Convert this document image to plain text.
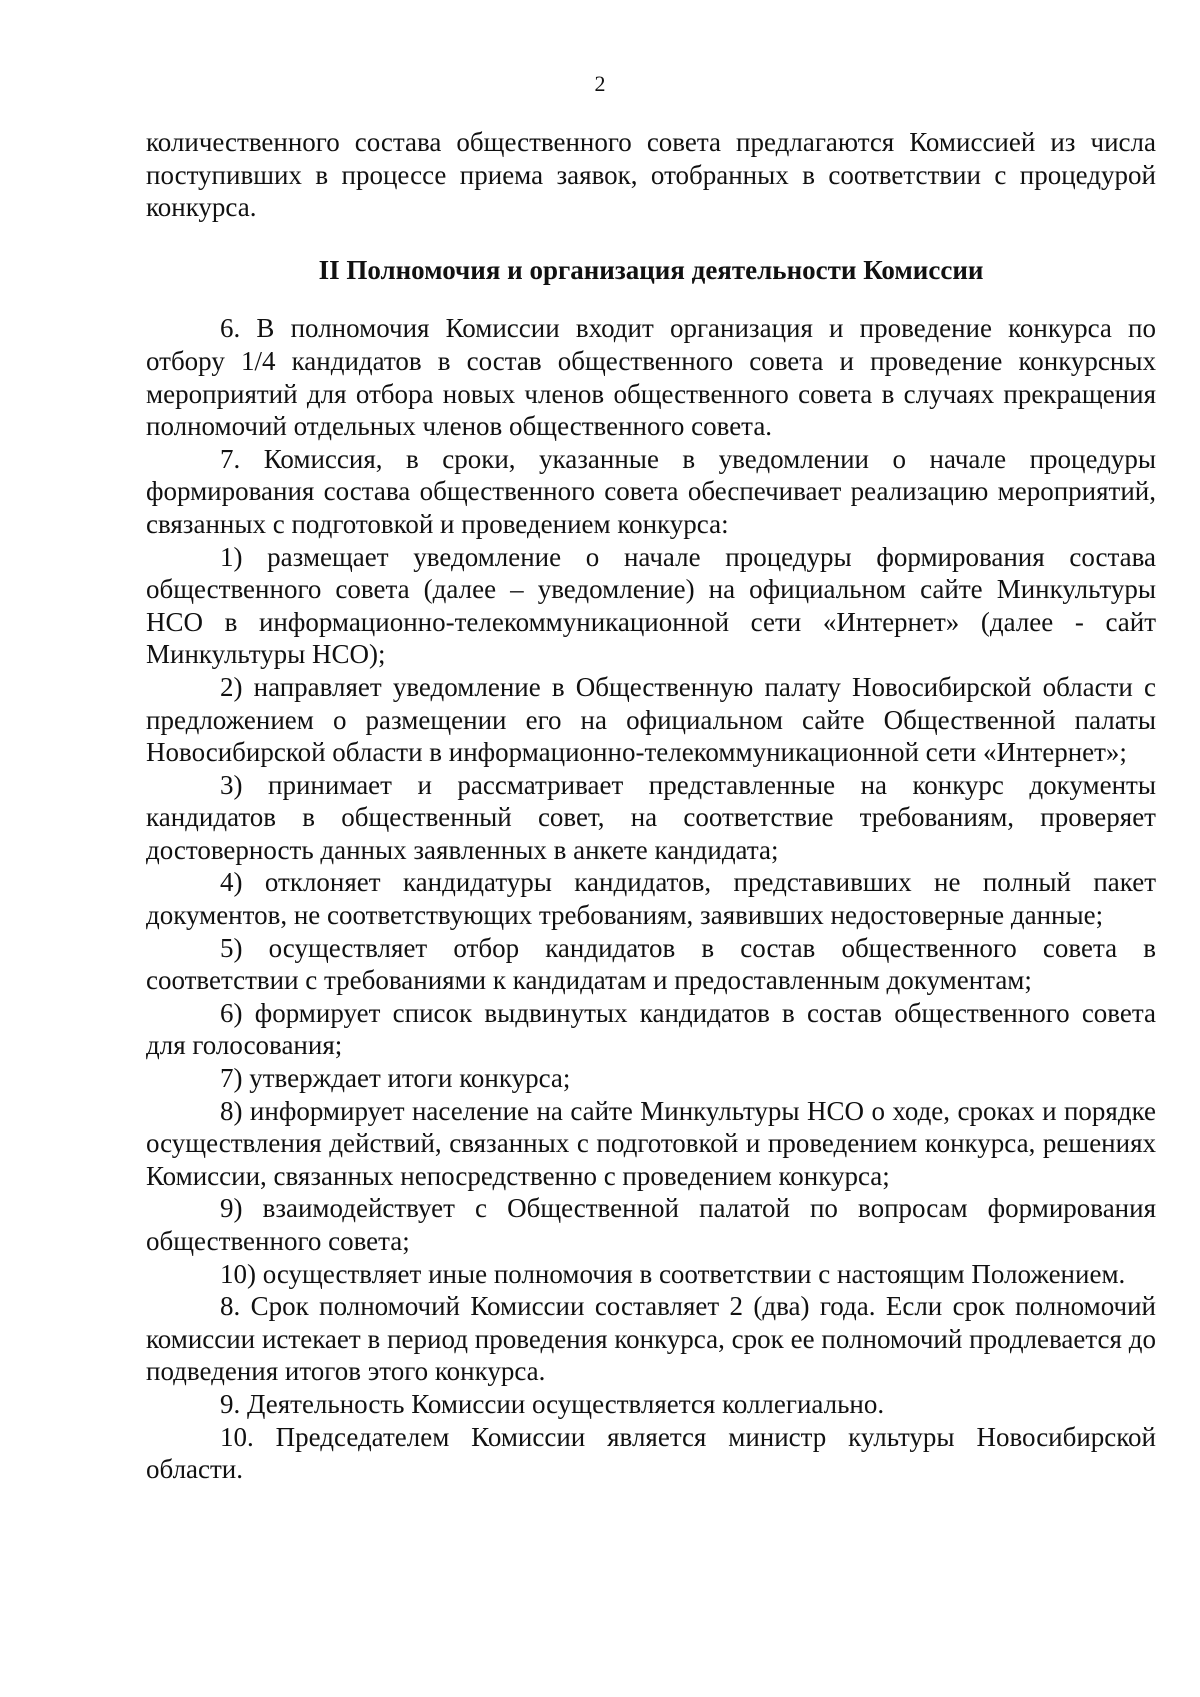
2

количественного состава общественного совета предлагаются Комиссией из числа поступивших в процессе приема заявок, отобранных в соответствии с процедурой конкурса.

II Полномочия и организация деятельности Комиссии

6. В полномочия Комиссии входит организация и проведение конкурса по отбору 1/4 кандидатов в состав общественного совета и проведение конкурсных мероприятий для отбора новых членов общественного совета в случаях прекращения полномочий отдельных членов общественного совета.

7. Комиссия, в сроки, указанные в уведомлении о начале процедуры формирования состава общественного совета обеспечивает реализацию мероприятий, связанных с подготовкой и проведением конкурса:

1) размещает уведомление о начале процедуры формирования состава общественного совета (далее – уведомление) на официальном сайте Минкультуры НСО в информационно-телекоммуникационной сети «Интернет» (далее - сайт Минкультуры НСО);

2) направляет уведомление в Общественную палату Новосибирской области с предложением о размещении его на официальном сайте Общественной палаты Новосибирской области в информационно-телекоммуникационной сети «Интернет»;

3) принимает и рассматривает представленные на конкурс документы кандидатов в общественный совет, на соответствие требованиям, проверяет достоверность данных заявленных в анкете кандидата;

4) отклоняет кандидатуры кандидатов, представивших не полный пакет документов, не соответствующих требованиям, заявивших недостоверные данные;

5) осуществляет отбор кандидатов в состав общественного совета в соответствии с требованиями к кандидатам и предоставленным документам;

6) формирует список выдвинутых кандидатов в состав общественного совета для голосования;

7) утверждает итоги конкурса;

8) информирует население на сайте Минкультуры НСО о ходе, сроках и порядке осуществления действий, связанных с подготовкой и проведением конкурса, решениях Комиссии, связанных непосредственно с проведением конкурса;

9) взаимодействует с Общественной палатой по вопросам формирования общественного совета;

10) осуществляет иные полномочия в соответствии с настоящим Положением.

8. Срок полномочий Комиссии составляет 2 (два) года. Если срок полномочий комиссии истекает в период проведения конкурса, срок ее полномочий продлевается до подведения итогов этого конкурса.

9. Деятельность Комиссии осуществляется коллегиально.

10. Председателем Комиссии является министр культуры Новосибирской области.
